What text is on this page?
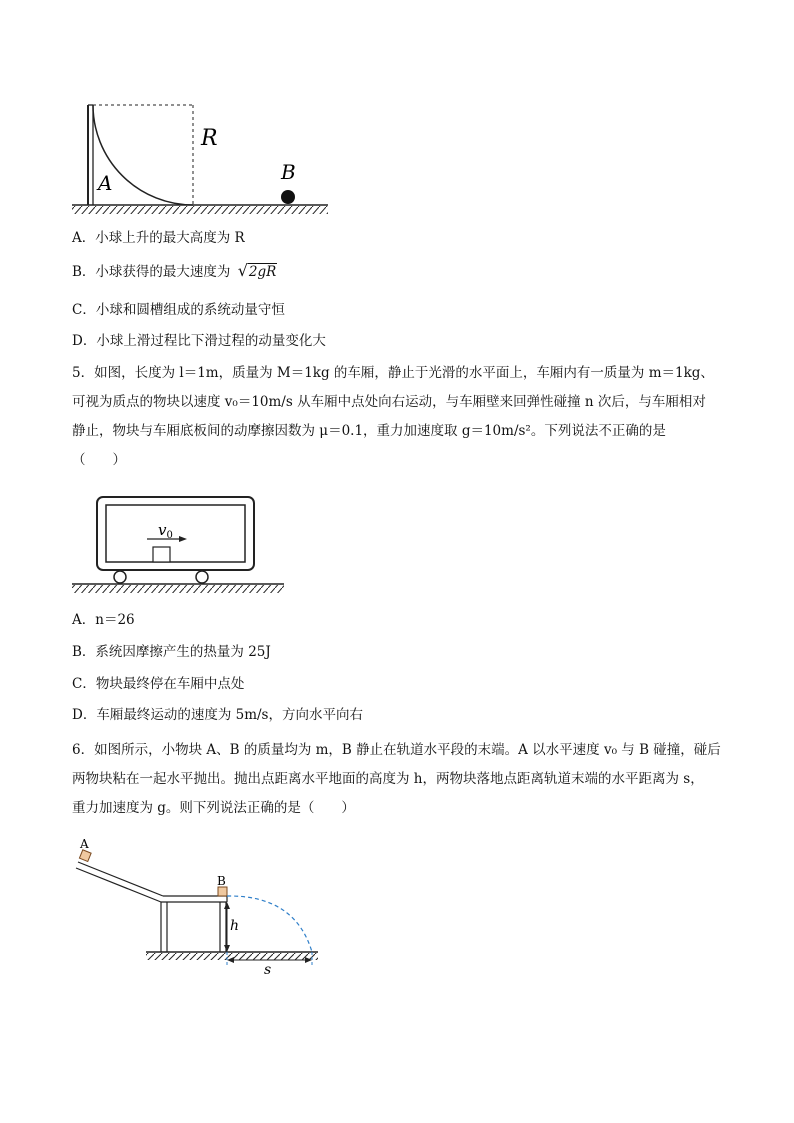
R
A	B
A．小球上升的最大高度为 R
B．小球获得的最大速度为 √2gR
C．小球和圆槽组成的系统动量守恒
D．小球上滑过程比下滑过程的动量变化大
5．如图，长度为 l＝1m，质量为 M＝1kg 的车厢，静止于光滑的水平面上，车厢内有一质量为 m＝1kg、
可视为质点的物块以速度 v₀＝10m/s 从车厢中点处向右运动，与车厢壁来回弹性碰撞 n 次后，与车厢相对
静止，物块与车厢底板间的动摩擦因数为 μ＝0.1，重力加速度取 g＝10m/s²。下列说法不正确的是
（　　）
$v_0$
A．n＝26
B．系统因摩擦产生的热量为 25J
C．物块最终停在车厢中点处
D．车厢最终运动的速度为 5m/s，方向水平向右
6．如图所示，小物块 A、B 的质量均为 m，B 静止在轨道水平段的末端。A 以水平速度 v₀ 与 B 碰撞，碰后
两物块粘在一起水平抛出。抛出点距离水平地面的高度为 h，两物块落地点距离轨道末端的水平距离为 s，
重力加速度为 g。则下列说法正确的是（　　）
A
B
h
s
